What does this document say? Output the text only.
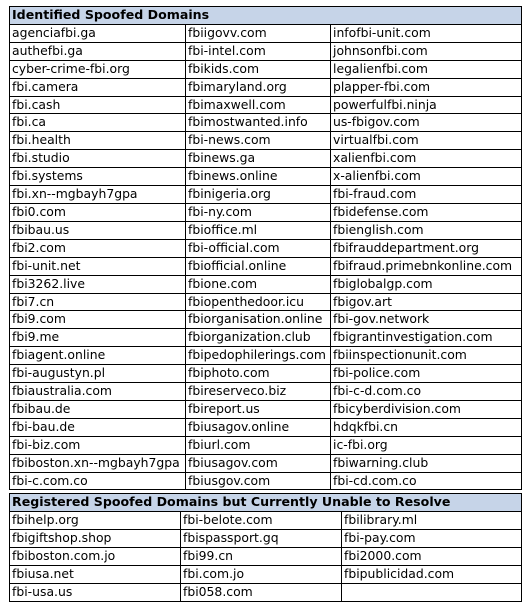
Identified Spoofed Domains		
agenciafbi.ga	fbiigovv.com	infofbi-unit.com
authefbi.ga	fbi-intel.com	johnsonfbi.com
cyber-crime-fbi.org	fbikids.com	legalienfbi.com
fbi.camera	fbimaryland.org	plapper-fbi.com
fbi.cash	fbimaxwell.com	powerfulfbi.ninja
fbi.ca	fbimostwanted.info	us-fbigov.com
fbi.health	fbi-news.com	virtualfbi.com
fbi.studio	fbinews.ga	xalienfbi.com
fbi.systems	fbinews.online	x-alienfbi.com
fbi.xn--mgbayh7gpa	fbinigeria.org	fbi-fraud.com
fbi0.com	fbi-ny.com	fbidefense.com
fbibau.us	fbioffice.ml	fbienglish.com
fbi2.com	fbi-official.com	fbifrauddepartment.org
fbi-unit.net	fbiofficial.online	fbifraud.primebnkonline.com
fbi3262.live	fbione.com	fbiglobalgp.com
fbi7.cn	fbiopenthedoor.icu	fbigov.art
fbi9.com	fbiorganisation.online	fbi-gov.network
fbi9.me	fbiorganization.club	fbigrantinvestigation.com
fbiagent.online	fbipedophilerings.com	fbiinspectionunit.com
fbi-augustyn.pl	fbiphoto.com	fbi-police.com
fbiaustralia.com	fbireserveco.biz	fbi-c-d.com.co
fbibau.de	fbireport.us	fbicyberdivision.com
fbi-bau.de	fbiusagov.online	hdqkfbi.cn
fbi-biz.com	fbiurl.com	ic-fbi.org
fbiboston.xn--mgbayh7gpa	fbiusagov.com	fbiwarning.club
fbi-c.com.co	fbiusgov.com	fbi-cd.com.co
Registered Spoofed Domains but Currently Unable to Resolve		
fbihelp.org	fbi-belote.com	fbilibrary.ml
fbigiftshop.shop	fbispassport.gq	fbi-pay.com
fbiboston.com.jo	fbi99.cn	fbi2000.com
fbiusa.net	fbi.com.jo	fbipublicidad.com
fbi-usa.us	fbi058.com	
